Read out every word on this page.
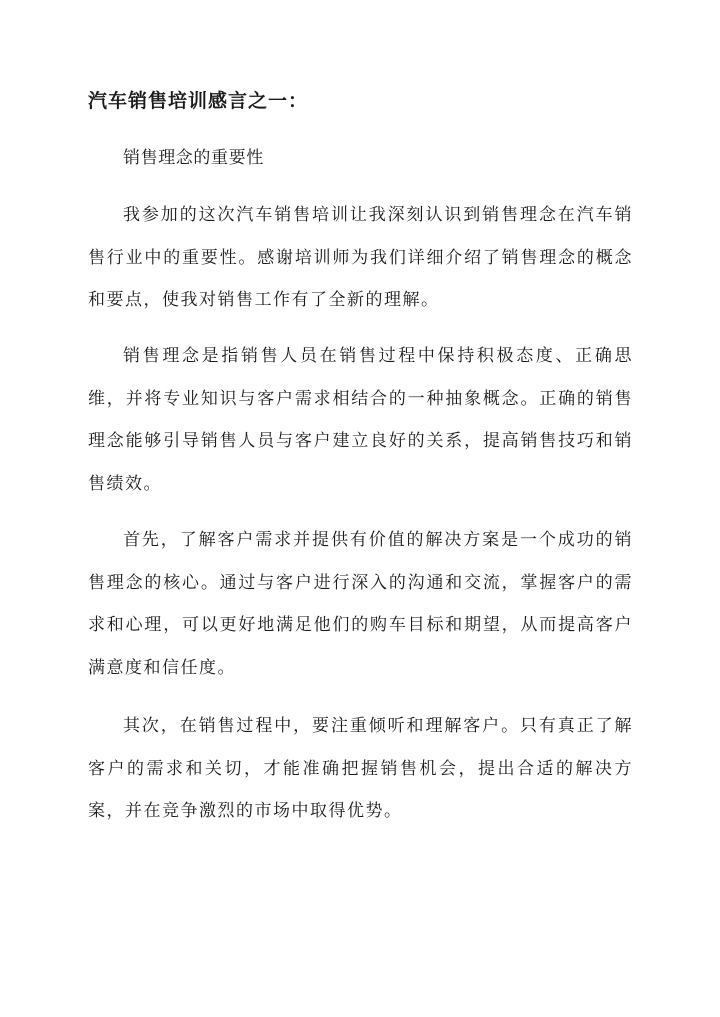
汽车销售培训感言之一：
销售理念的重要性

我参加的这次汽车销售培训让我深刻认识到销售理念在汽车销售行业中的重要性。感谢培训师为我们详细介绍了销售理念的概念和要点，使我对销售工作有了全新的理解。

销售理念是指销售人员在销售过程中保持积极态度、正确思维，并将专业知识与客户需求相结合的一种抽象概念。正确的销售理念能够引导销售人员与客户建立良好的关系，提高销售技巧和销售绩效。

首先，了解客户需求并提供有价值的解决方案是一个成功的销售理念的核心。通过与客户进行深入的沟通和交流，掌握客户的需求和心理，可以更好地满足他们的购车目标和期望，从而提高客户满意度和信任度。

其次，在销售过程中，要注重倾听和理解客户。只有真正了解客户的需求和关切，才能准确把握销售机会，提出合适的解决方案，并在竞争激烈的市场中取得优势。
